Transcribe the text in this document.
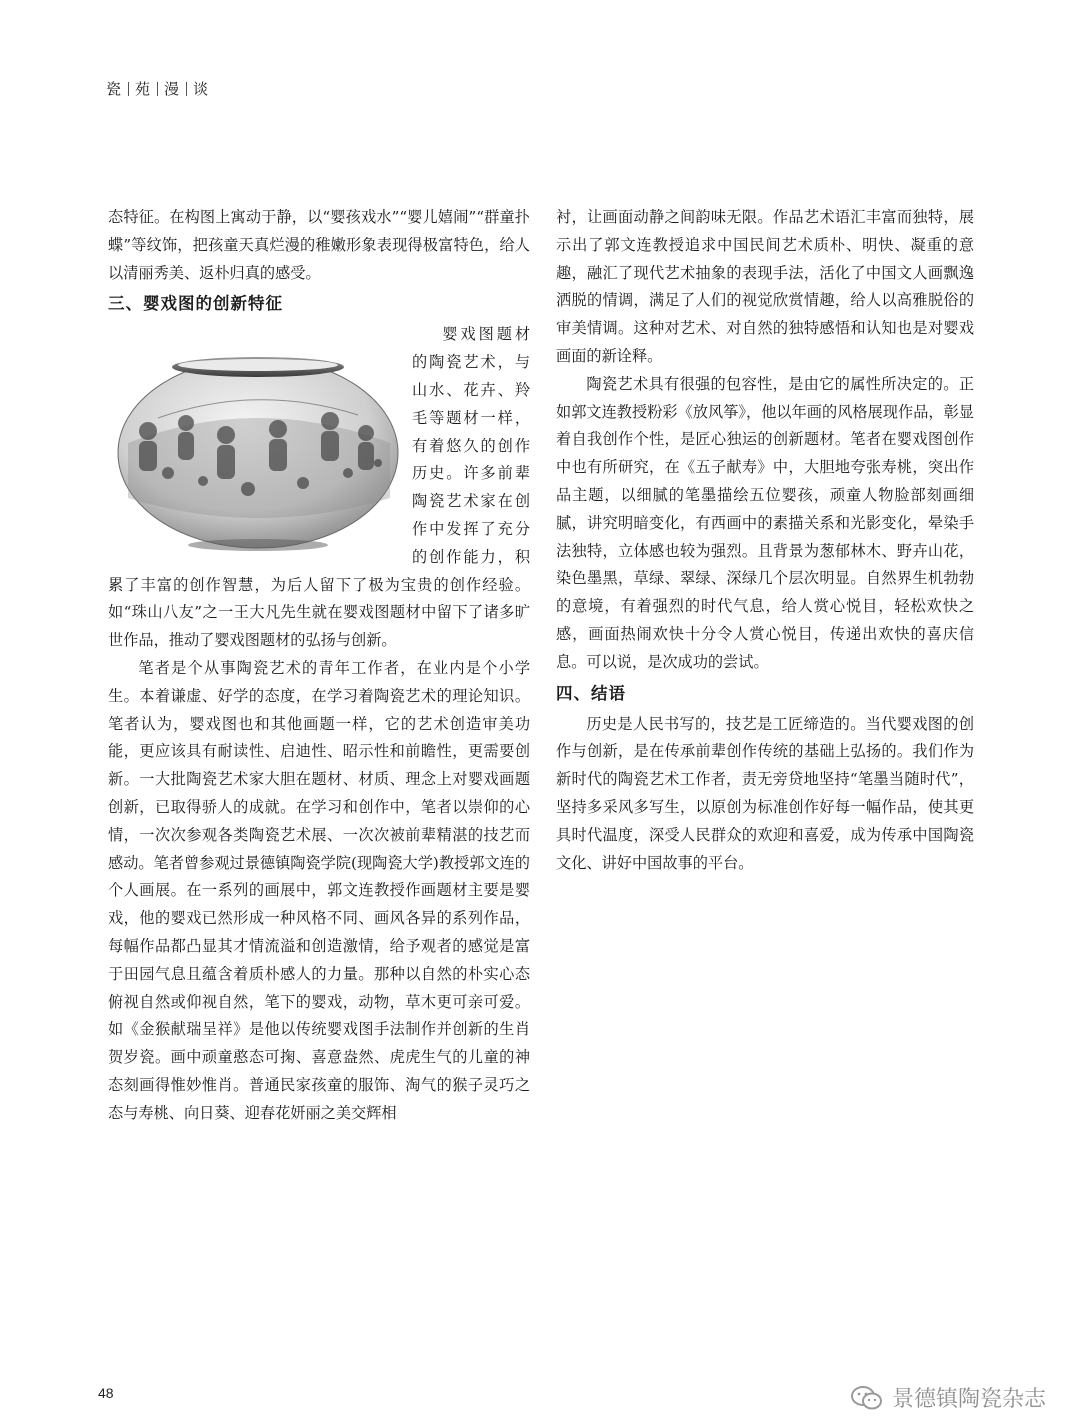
瓷 苑 漫 谈

态特征。在构图上寓动于静，以“婴孩戏水”“婴儿嬉闹”“群童扑蝶”等纹饰，把孩童天真烂漫的稚嫩形象表现得极富特色，给人以清丽秀美、返朴归真的感受。

三、婴戏图的创新特征

婴戏图题材的陶瓷艺术，与山水、花卉、羚毛等题材一样，有着悠久的创作历史。许多前辈陶瓷艺术家在创作中发挥了充分的创作能力，积累了丰富的创作智慧，为后人留下了极为宝贵的创作经验。如“珠山八友”之一王大凡先生就在婴戏图题材中留下了诸多旷世作品，推动了婴戏图题材的弘扬与创新。

笔者是个从事陶瓷艺术的青年工作者，在业内是个小学生。本着谦虚、好学的态度，在学习着陶瓷艺术的理论知识。笔者认为，婴戏图也和其他画题一样，它的艺术创造审美功能，更应该具有耐读性、启迪性、昭示性和前瞻性，更需要创新。一大批陶瓷艺术家大胆在题材、材质、理念上对婴戏画题创新，已取得骄人的成就。在学习和创作中，笔者以崇仰的心情，一次次参观各类陶瓷艺术展、一次次被前辈精湛的技艺而感动。笔者曾参观过景德镇陶瓷学院(现陶瓷大学)教授郭文连的个人画展。在一系列的画展中，郭文连教授作画题材主要是婴戏，他的婴戏已然形成一种风格不同、画风各异的系列作品，每幅作品都凸显其才情流溢和创造激情，给予观者的感觉是富于田园气息且蕴含着质朴感人的力量。那种以自然的朴实心态俯视自然或仰视自然，笔下的婴戏，动物，草木更可亲可爱。如《金猴献瑞呈祥》是他以传统婴戏图手法制作并创新的生肖贺岁瓷。画中顽童憨态可掬、喜意盎然、虎虎生气的儿童的神态刻画得惟妙惟肖。普通民家孩童的服饰、淘气的猴子灵巧之态与寿桃、向日葵、迎春花妍丽之美交辉相

衬，让画面动静之间韵味无限。作品艺术语汇丰富而独特，展示出了郭文连教授追求中国民间艺术质朴、明快、凝重的意趣，融汇了现代艺术抽象的表现手法，活化了中国文人画飘逸洒脱的情调，满足了人们的视觉欣赏情趣，给人以高雅脱俗的审美情调。这种对艺术、对自然的独特感悟和认知也是对婴戏画面的新诠释。

陶瓷艺术具有很强的包容性，是由它的属性所决定的。正如郭文连教授粉彩《放风筝》，他以年画的风格展现作品，彰显着自我创作个性，是匠心独运的创新题材。笔者在婴戏图创作中也有所研究，在《五子献寿》中，大胆地夸张寿桃，突出作品主题，以细腻的笔墨描绘五位婴孩，顽童人物脸部刻画细腻，讲究明暗变化，有西画中的素描关系和光影变化，晕染手法独特，立体感也较为强烈。且背景为葱郁林木、野卉山花，染色墨黑，草绿、翠绿、深绿几个层次明显。自然界生机勃勃的意境，有着强烈的时代气息，给人赏心悦目，轻松欢快之感，画面热闹欢快十分令人赏心悦目，传递出欢快的喜庆信息。可以说，是次成功的尝试。

四、结语

历史是人民书写的，技艺是工匠缔造的。当代婴戏图的创作与创新，是在传承前辈创作传统的基础上弘扬的。我们作为新时代的陶瓷艺术工作者，责无旁贷地坚持“笔墨当随时代”，坚持多采风多写生，以原创为标准创作好每一幅作品，使其更具时代温度，深受人民群众的欢迎和喜爱，成为传承中国陶瓷文化、讲好中国故事的平台。

48	景德镇陶瓷杂志
